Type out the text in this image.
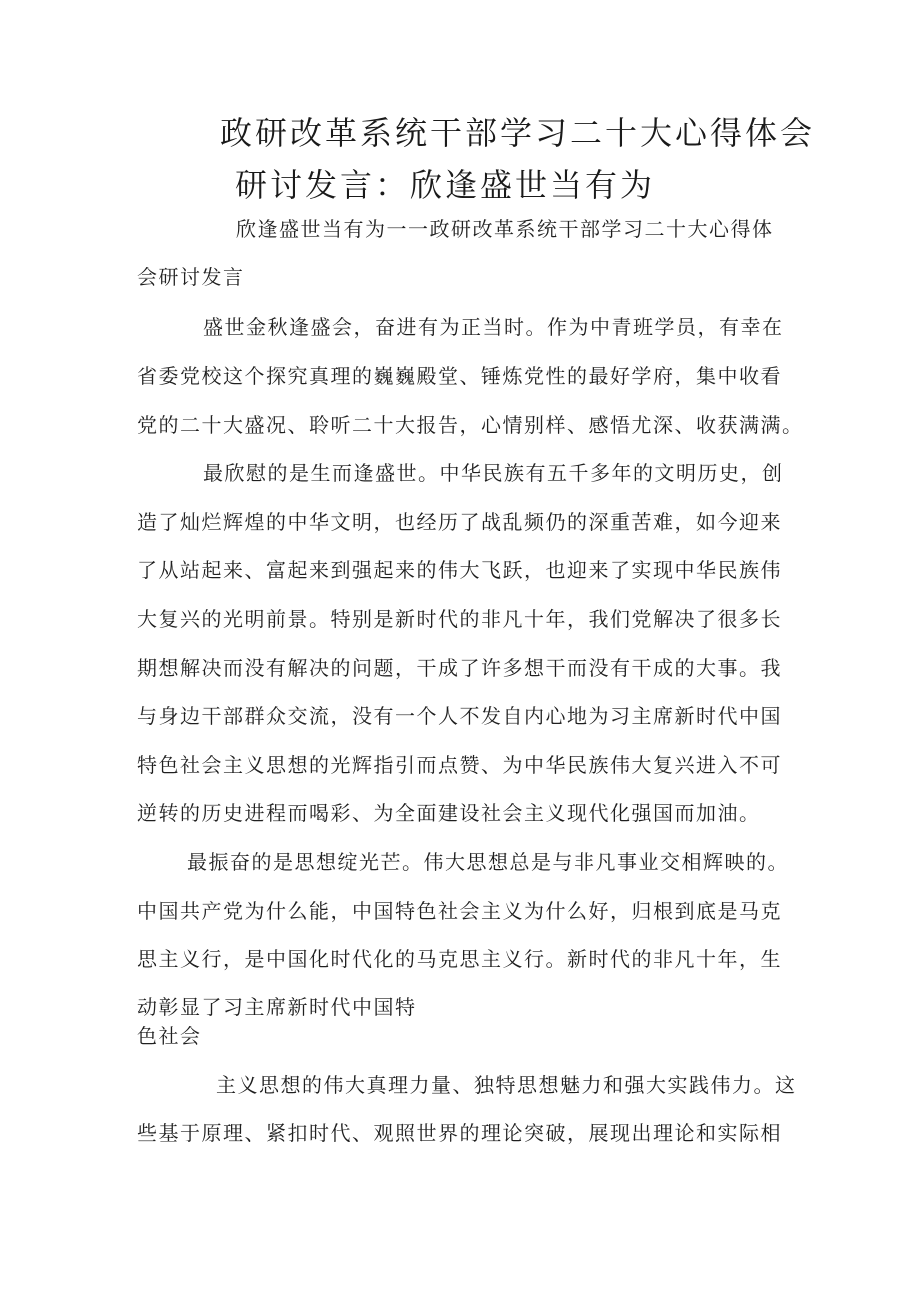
政研改革系统干部学习二十大心得体会
研讨发言：欣逢盛世当有为
欣逢盛世当有为一一政研改革系统干部学习二十大心得体
会研讨发言
盛世金秋逢盛会，奋进有为正当时。作为中青班学员，有幸在
省委党校这个探究真理的巍巍殿堂、锤炼党性的最好学府，集中收看
党的二十大盛况、聆听二十大报告，心情别样、感悟尤深、收获满满。
最欣慰的是生而逢盛世。中华民族有五千多年的文明历史，创
造了灿烂辉煌的中华文明，也经历了战乱频仍的深重苦难，如今迎来
了从站起来、富起来到强起来的伟大飞跃，也迎来了实现中华民族伟
大复兴的光明前景。特别是新时代的非凡十年，我们党解决了很多长
期想解决而没有解决的问题，干成了许多想干而没有干成的大事。我
与身边干部群众交流，没有一个人不发自内心地为习主席新时代中国
特色社会主义思想的光辉指引而点赞、为中华民族伟大复兴进入不可
逆转的历史进程而喝彩、为全面建设社会主义现代化强国而加油。
最振奋的是思想绽光芒。伟大思想总是与非凡事业交相辉映的。
中国共产党为什么能，中国特色社会主义为什么好，归根到底是马克
思主义行，是中国化时代化的马克思主义行。新时代的非凡十年，生
动彰显了习主席新时代中国特
色社会
主义思想的伟大真理力量、独特思想魅力和强大实践伟力。这
些基于原理、紧扣时代、观照世界的理论突破，展现出理论和实际相
